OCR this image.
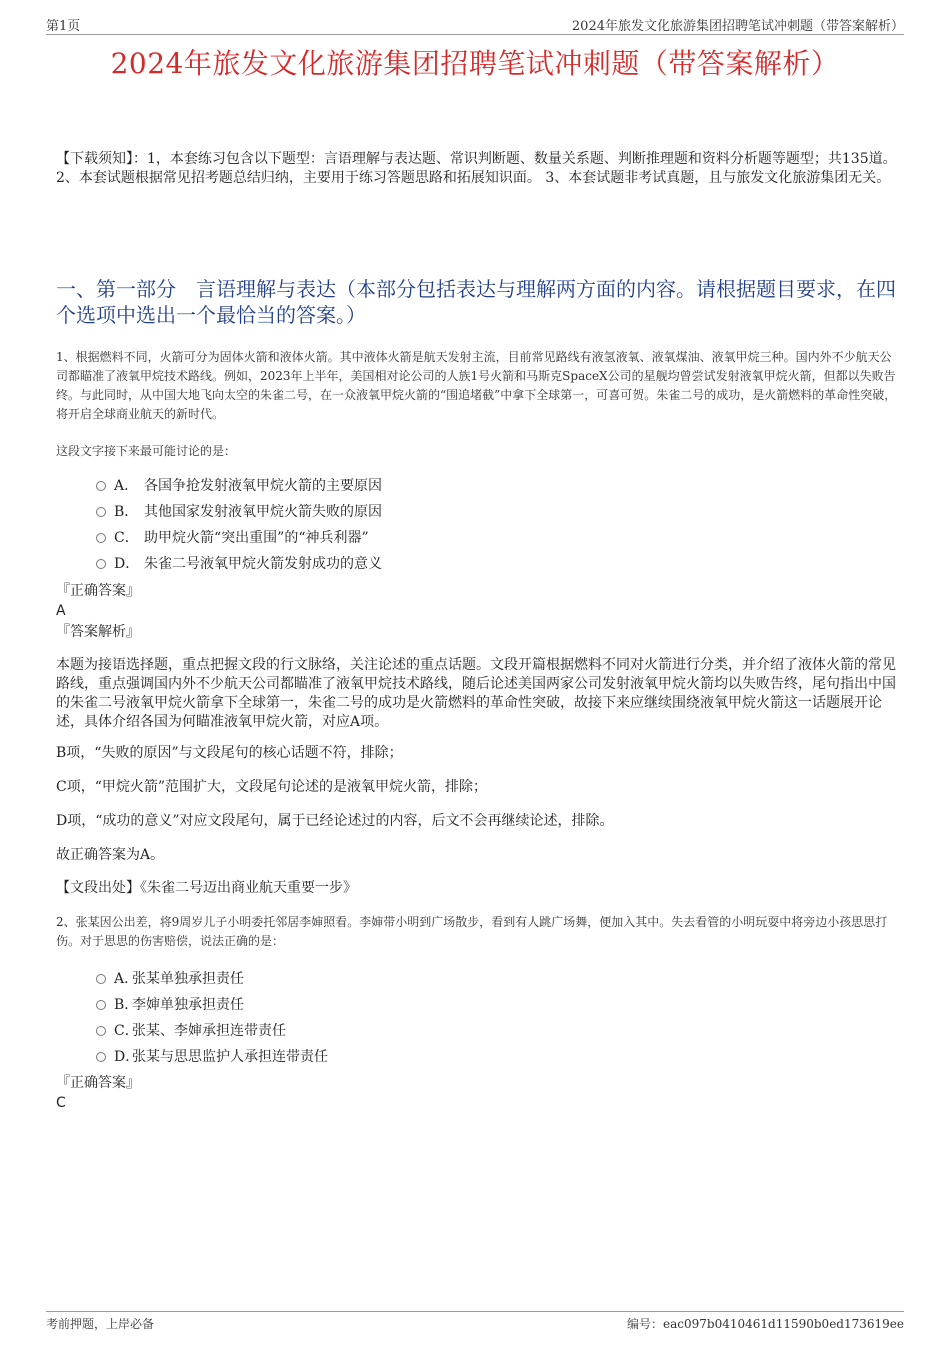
第1页	2024年旅发文化旅游集团招聘笔试冲刺题（带答案解析）
2024年旅发文化旅游集团招聘笔试冲刺题（带答案解析）
【下载须知】：1，本套练习包含以下题型：言语理解与表达题、常识判断题、数量关系题、判断推理题和资料分析题等题型；共135道。 2、本套试题根据常见招考题总结归纳，主要用于练习答题思路和拓展知识面。 3、本套试题非考试真题，且与旅发文化旅游集团无关。
一、第一部分　言语理解与表达（本部分包括表达与理解两方面的内容。请根据题目要求，在四个选项中选出一个最恰当的答案。）
1、根据燃料不同，火箭可分为固体火箭和液体火箭。其中液体火箭是航天发射主流，目前常见路线有液氢液氧、液氧煤油、液氧甲烷三种。国内外不少航天公司都瞄准了液氧甲烷技术路线。例如，2023年上半年，美国相对论公司的人族1号火箭和马斯克SpaceX公司的星舰均曾尝试发射液氧甲烷火箭，但都以失败告终。与此同时，从中国大地飞向太空的朱雀二号，在一众液氧甲烷火箭的“围追堵截”中拿下全球第一，可喜可贺。朱雀二号的成功，是火箭燃料的革命性突破，将开启全球商业航天的新时代。
这段文字接下来最可能讨论的是：
A． 各国争抢发射液氧甲烷火箭的主要原因
B． 其他国家发射液氧甲烷火箭失败的原因
C． 助甲烷火箭“突出重围”的“神兵利器”
D． 朱雀二号液氧甲烷火箭发射成功的意义
『正确答案』
A
『答案解析』
本题为接语选择题，重点把握文段的行文脉络，关注论述的重点话题。文段开篇根据燃料不同对火箭进行分类，并介绍了液体火箭的常见路线，重点强调国内外不少航天公司都瞄准了液氧甲烷技术路线，随后论述美国两家公司发射液氧甲烷火箭均以失败告终，尾句指出中国的朱雀二号液氧甲烷火箭拿下全球第一，朱雀二号的成功是火箭燃料的革命性突破，故接下来应继续围绕液氧甲烷火箭这一话题展开论述，具体介绍各国为何瞄准液氧甲烷火箭，对应A项。
B项，“失败的原因”与文段尾句的核心话题不符，排除；
C项，“甲烷火箭”范围扩大，文段尾句论述的是液氧甲烷火箭，排除；
D项，“成功的意义”对应文段尾句，属于已经论述过的内容，后文不会再继续论述，排除。
故正确答案为A。
【文段出处】《朱雀二号迈出商业航天重要一步》
2、张某因公出差，将9周岁儿子小明委托邻居李婶照看。李婶带小明到广场散步，看到有人跳广场舞，便加入其中。失去看管的小明玩耍中将旁边小孩思思打伤。对于思思的伤害赔偿，说法正确的是：
A．张某单独承担责任
B．李婶单独承担责任
C．张某、李婶承担连带责任
D．张某与思思监护人承担连带责任
『正确答案』
C
考前押题，上岸必备	编号：eac097b0410461d11590b0ed173619ee
